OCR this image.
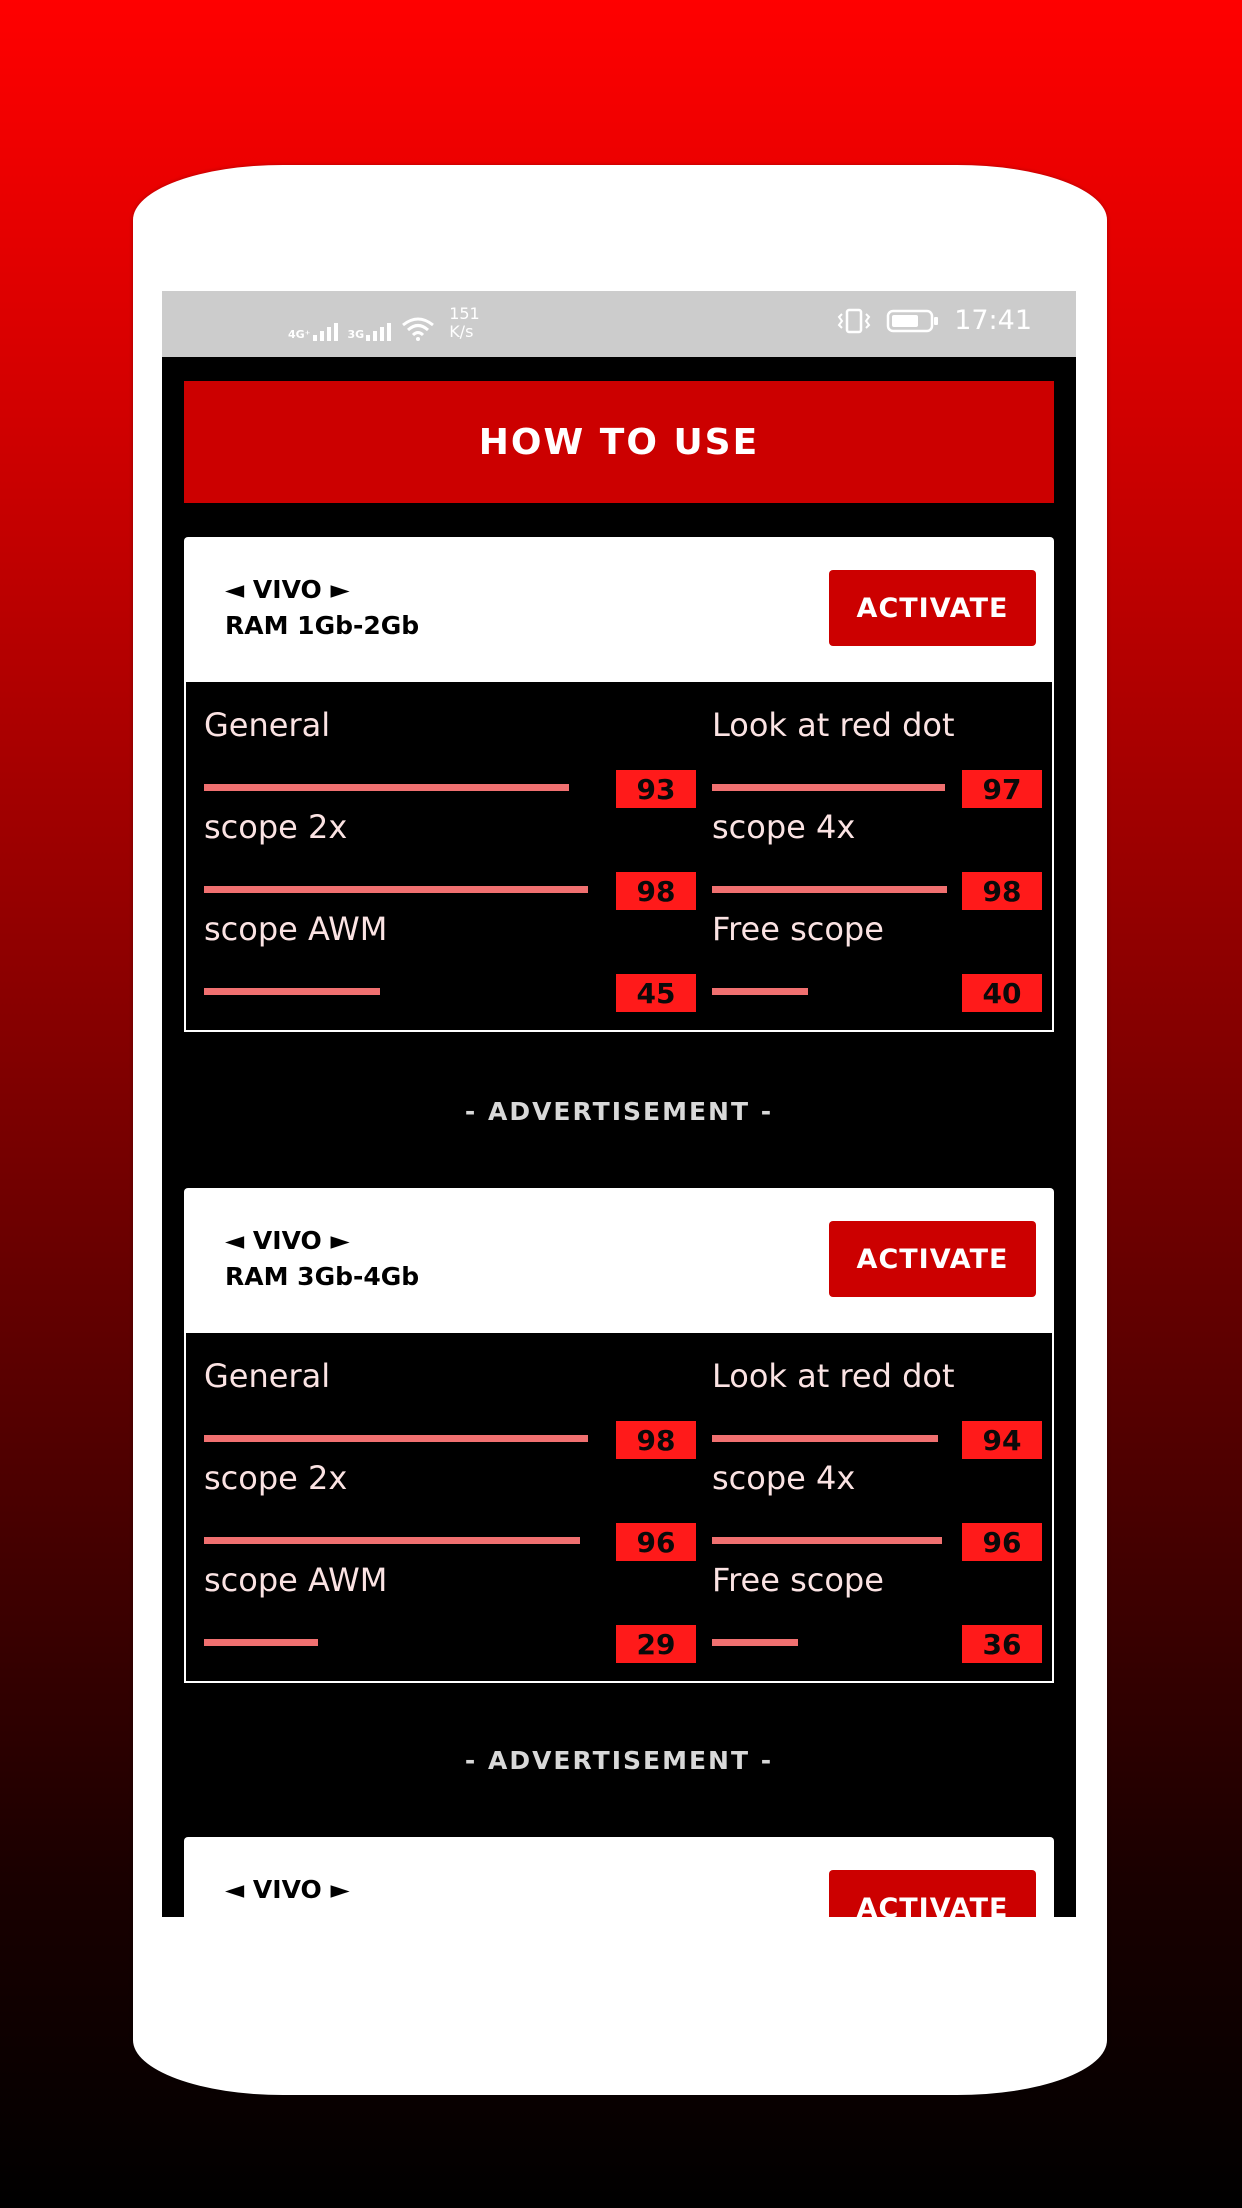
4G⁺	3G
151
K/s	17:41
HOW TO USE
◄ VIVO ►
RAM 1Gb-2Gb
ACTIVATE
General
93
Look at red dot
97
scope 2x
98
scope 4x
98
scope AWM
45
Free scope
40
- ADVERTISEMENT -
◄ VIVO ►
RAM 3Gb-4Gb
ACTIVATE
General
98
Look at red dot
94
scope 2x
96
scope 4x
96
scope AWM
29
Free scope
36
- ADVERTISEMENT -
◄ VIVO ►
ACTIVATE
